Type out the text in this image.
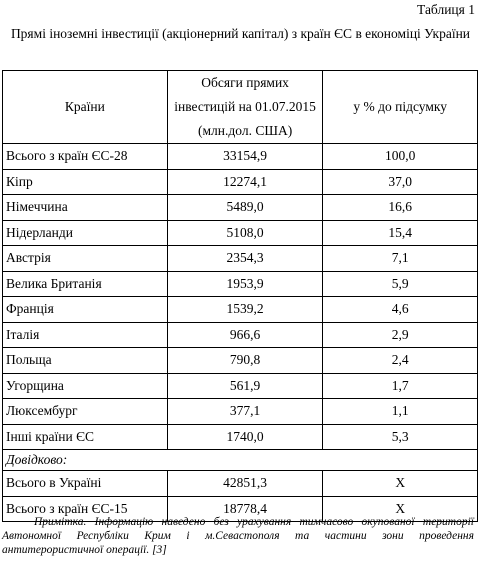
Таблиця 1
Прямі іноземні інвестиції (акціонерний капітал) з країн ЄС в економіці України
Країни	Обсяги прямих інвестицій на 01.07.2015 (млн.дол. США)	у % до підсумку
Всього з країн ЄС-28	33154,9	100,0
Кіпр	12274,1	37,0
Німеччина	5489,0	16,6
Нідерланди	5108,0	15,4
Австрія	2354,3	7,1
Велика Британія	1953,9	5,9
Франція	1539,2	4,6
Італія	966,6	2,9
Польща	790,8	2,4
Угорщина	561,9	1,7
Люксембург	377,1	1,1
Інші країни ЄС	1740,0	5,3
Довідково:		
Всього в Україні	42851,3	Х
Всього з країн ЄС-15	18778,4	Х
Примітка. Інформацію наведено без урахування тимчасово окупованої території Автономної Республіки Крим і м.Севастополя та частини зони проведення антитерористичної операції. [3]
